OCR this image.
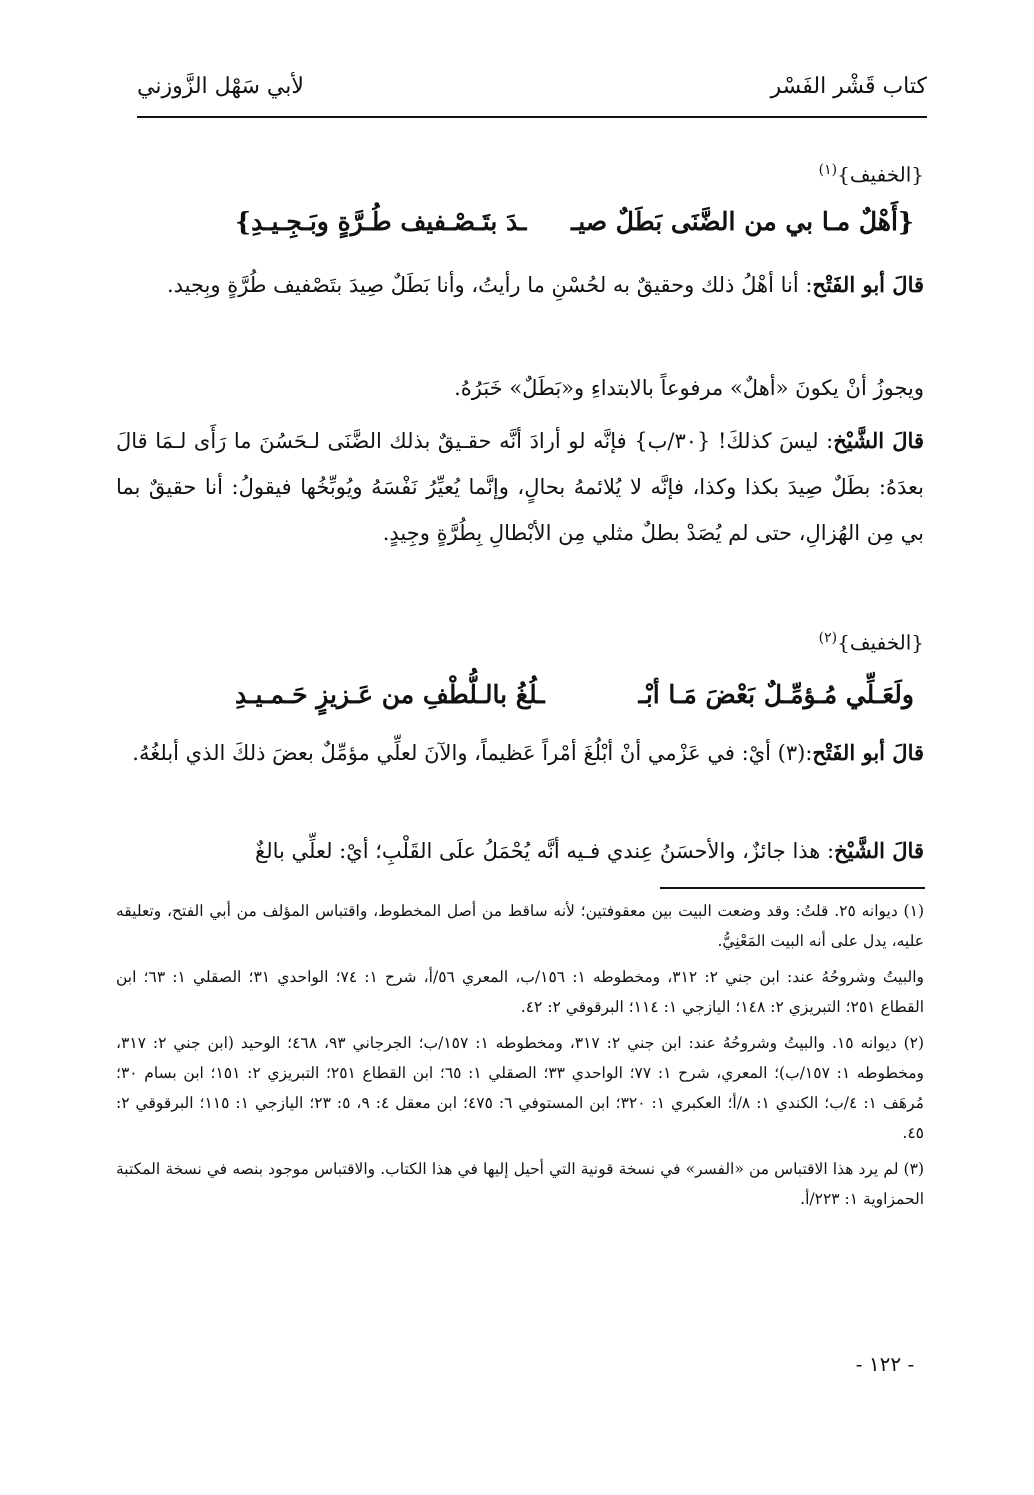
كتاب قَشْر الفَسْر
لأبي سَهْل الزَّوزني
{الخفيف}$^{(١)}$
{أَهْلٌ مـا بي من الضَّنَى بَطَلٌ صيـ
ـدَ بتَـصْـفيف طُـرَّةٍ وبَـجِـيـدِ}
قالَ أبو الفَتْح: أنا أهْلُ ذلك وحقيقٌ به لحُسْنِ ما رأيتُ، وأنا بَطَلٌ صِيدَ بتَصْفيف طُرَّةٍ وبِجيد.
ويجوزُ أنْ يكونَ «أهلٌ» مرفوعاً بالابتداءِ و«بَطَلٌ» خَبَرُهُ.
قالَ الشَّيْخ: ليسَ كذلكَ! {٣٠/ب} فإنَّه لو أرادَ أنَّه حقـيقٌ بذلك الضَّنَى لـحَسُنَ ما رَأَى لـمَا قالَ بعدَهُ: بطَلٌ صِيدَ بكذا وكذا، فإنَّه لا يُلائمهُ بحالٍ، وإنَّما يُعيِّرُ نَفْسَهُ ويُوبِّخُها فيقولُ: أنا حقيقٌ بما بي مِن الهُزالِ، حتى لم يُصَدْ بطلٌ مثلي مِن الأبْطالِ بِطُرَّةٍ وجِيدٍ.
{الخفيف}$^{(٢)}$
ولَعَـلِّي مُـؤمِّـلٌ بَعْضَ مَـا أبْـ
ـلُغُ بالـلُّطْفِ من عَـزيزٍ حَـمـيـدِ
قالَ أبو الفَتْح:(٣) أيْ: في عَزْمي أنْ أبْلُغَ أمْراً عَظيماً، والآنَ لعلِّي مؤمِّلٌ بعضَ ذلكَ الذي أبلغُهُ.
قالَ الشَّيْخ: هذا جائزٌ، والأحسَنُ عِندي فـيه أنَّه يُحْمَلُ علَى القَلْبِ؛ أيْ: لعلِّي بالغٌ

(١) ديوانه ٢٥. قلتُ: وقد وضعت البيت بين معقوفتين؛ لأنه ساقط من أصل المخطوط، واقتباس المؤلف من أبي الفتح، وتعليقه عليه، يدل على أنه البيت المَعْنِيُّ.

والبيتُ وشروحُهُ عند: ابن جني ٢: ٣١٢، ومخطوطه ١: ١٥٦/ب، المعري ٥٦/أ، شرح ١: ٧٤؛ الواحدي ٣١؛ الصقلي ١: ٦٣؛ ابن القطاع ٢٥١؛ التبريزي ٢: ١٤٨؛ اليازجي ١: ١١٤؛ البرقوقي ٢: ٤٢.

(٢) ديوانه ١٥. والبيتُ وشروحُهُ عند: ابن جني ٢: ٣١٧، ومخطوطه ١: ١٥٧/ب؛ الجرجاني ٩٣، ٤٦٨؛ الوحيد (ابن جني ٢: ٣١٧، ومخطوطه ١: ١٥٧/ب)؛ المعري، شرح ١: ٧٧؛ الواحدي ٣٣؛ الصقلي ١: ٦٥؛ ابن القطاع ٢٥١؛ التبريزي ٢: ١٥١؛ ابن بسام ٣٠؛ مُرهَف ١: ٤/ب؛ الكندي ١: ٨/أ؛ العكبري ١: ٣٢٠؛ ابن المستوفي ٦: ٤٧٥؛ ابن معقل ٤: ٩، ٥: ٢٣؛ اليازجي ١: ١١٥؛ البرقوقي ٢: ٤٥.

(٣) لم يرد هذا الاقتباس من «الفسر» في نسخة قونية التي أحيل إليها في هذا الكتاب. والاقتباس موجود بنصه في نسخة المكتبة الحمزاوية ١: ٢٢٣/أ.

- ١٢٢ -
